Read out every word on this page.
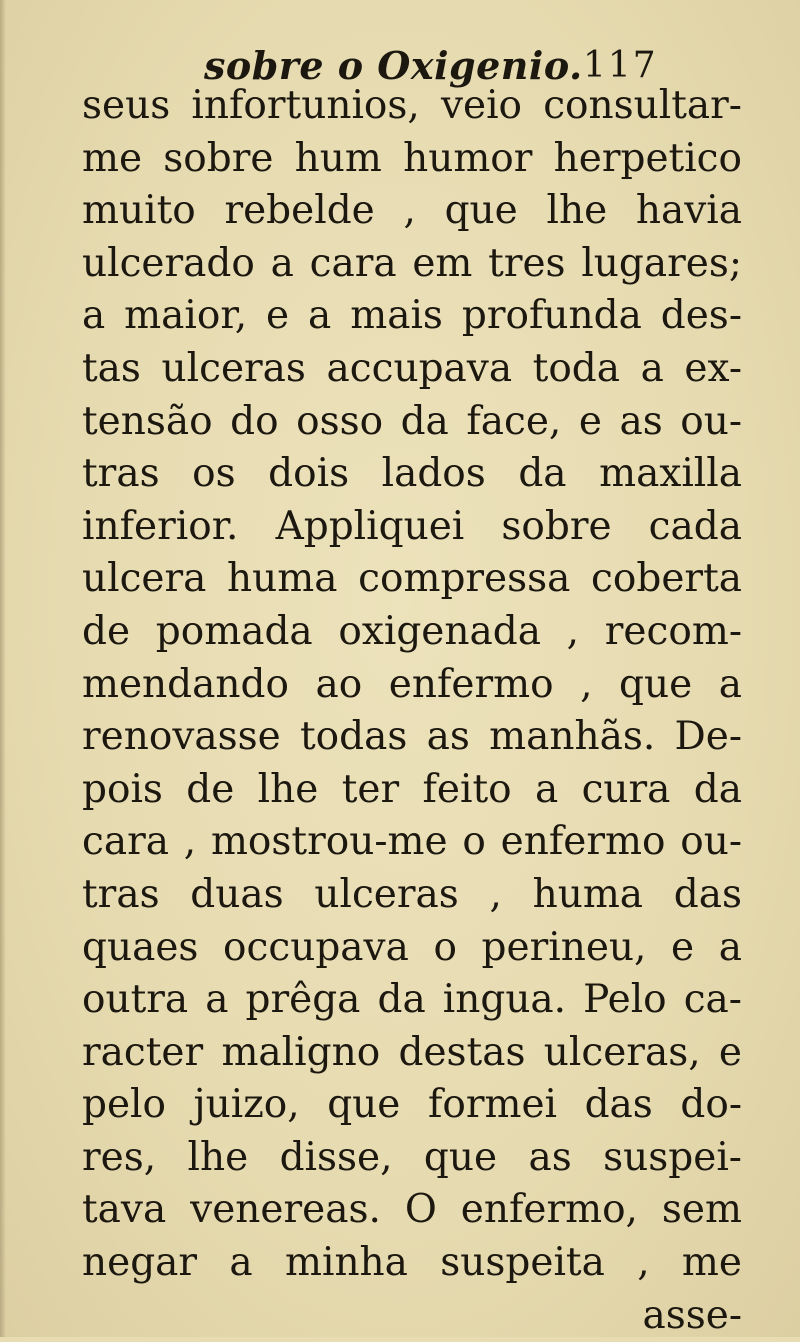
sobre o Oxigenio. 117
seus infortunios, veio consultar-
me sobre hum humor herpetico
muito rebelde , que lhe havia
ulcerado a cara em tres lugares;
a maior, e a mais profunda des-
tas ulceras accupava toda a ex-
tensão do osso da face, e as ou-
tras os dois lados da maxilla
inferior. Appliquei sobre cada
ulcera huma compressa coberta
de pomada oxigenada , recom-
mendando ao enfermo , que a
renovasse todas as manhãs. De-
pois de lhe ter feito a cura da
cara , mostrou-me o enfermo ou-
tras duas ulceras , huma das
quaes occupava o perineu, e a
outra a prêga da ingua. Pelo ca-
racter maligno destas ulceras, e
pelo juizo, que formei das do-
res, lhe disse, que as suspei-
tava venereas. O enfermo, sem
negar a minha suspeita , me
asse-
